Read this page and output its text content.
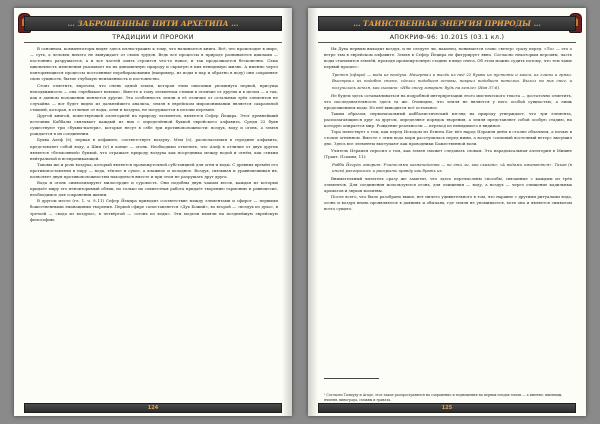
… ЗАБРОШЕННЫЕ НИТИ АРХЕТИПА …
ТРАДИЦИИ И ПРОРОКИ

В основном, комментаторы видят здесь иллюстрацию к тому, что начинается книга. Всё, что происходит в мире, — суть, а человек ничего не вынуждает от своих трудов. Ведь все процессы в природе развиваются циклами — постоянно разрушается, а и все частей опять строится что-то новое, и так продолжается бесконечно. Сама цикличность изменения указывает на их динамичную природу и скрытую в них невидимую жизнь. А именно через повторяющиеся процессы постоянные перебираковании (например, из воды в пар и обратно в воду) они сохраняют свою сущность, бытие глубокую неизменность и постоянство.

Стоит отметить, впрочем, что очень одной земли, которая этим описании упоминута первой, присуща неподвижность — она «пребывает вовеки». Вместе к тому элементам стихии в отличие от других и в целом — а так, как в данном положении меняется другие. Эта особенность земли и её отличие от остальных трёх элементов не случайна — вот будет видно из дальнейшего анализа, земля в еврейском миропонимании является сакральной стихией, которая, в отличие от воды, огня и воздуха, не погружается в потоки перемен.

Другой книгой, повествующей аллегорией на природу элементов, является Сефер Йецира. Этот древнейший источник Каббалы связывает каждый из них с определённой буквой еврейского алфавита. Среди 22 букв существуют три «буквы-матери», которые несут в себе три противоположности: воздух, воду и огонь, а земля рождается в их соединении.

Буква Алеф (א), первая в алфавите, соответствует воздуху. Мем (מ), располагаемая в середине алфавита, представляет собой воду, а Шин (ש) в конце — огонь. Необходимо отметить, что Алеф в отличие от двух других является «безмолвной» буквой, что отражает природу воздуха как посредника между водой и огнём, как стихии нейтральной и всепроникающей.

Таковы же и роль воздуха, который является промежуточной субстанцией для огня и воды. С древних времён его противопоставляли в пару — вода, тёплое и сухое, а влажное и холодное. Воздух, связывая и уравновешивая их, позволяет двум противоположностям находиться вместе и при этом не разрушать друг друга.

Вода и огонь символизируют милосердие и суровость. Они подобны двум чашам весов, каждая из которых придаёт миру его неповторимый облик, но только их совместная работа придаёт творению гармонию и равновесие, необходимое для сохранения жизни.

В другом месте (гл. 1, ч. 9–11) Сефер Йецира приводит соответствие между элементами и сфирот — первыми божественными эманациями творения. Первой сфире сопоставляется «Дух Божий», во второй — «воздух из духа», в третьей — «вода из воздуха», в четвёртой — «огонь из воды». Эти модели влияли на позднейшую еврейскую философию.

124
… ТАИНСТВЕННАЯ ЭНЕРГИЯ ПРИРОДЫ …
АПОКРИФ-96: 10.2015 (03.1 кл.)

Их Духа первым выходит воздух, и не следует ли, наконец, понимается слово «ветер» сразу перед. «Ло» — это о ветре тхм в еврейском алфавите. Земля в Сефер Йецира не фигурирует явно. Согласно некоторым версиям, часть воды становится землёй, проходя промежуточную стадию в виде снега. Об этом можно судить потому, что тем чаще первый процесс:

Третья (сфира) — вода из воздуха. Начертал и высёк из неё 22 буквы из пустоты и хаоса, из глины и грязи. Выстроил их подобно стене, сделал подобием основы, покрыл подобием потолка. Вылил на них снег, и получилась земля, как сказано: «Ибо снегу говорит: будь на земле» (Иов 37:6).

Не будем здесь останавливаться на подробной интерпретации этого мистического текста — достаточно отметить, что последовательность здесь та же. Очевидно, что земля не является у него особой сущностью, а лишь продолжением воды. Из неё выводится всё остальное.

Таким образом, первоначальный каббалистический взгляд на природу утверждает, что три элемента, располагающиеся друг за другом, определяют порядок творения, а земля представляет собой особую стадию, на которую опирается мир. Рождение реальности — переход из невидимого в видимое.

Тора повествует о том, как перед Исходом из Египта Бог вёл народ Израиля днём в столпе облачном, а ночью в столпе огненном. Вместе с этим вода моря расступилась перед ними, а воздух «сильный восточный ветер» высушил дно. Здесь все элементы выступают как проводники Божественной воли.

Учитель Израиля спросил о том, как земля сможет следовать словам. Эта парадоксальная аллегория в Мишне (Тракт. Псахим, 11):

Рабби Йегуда говорит: Учителями казначейства — не эти ли, как сказано: «А водами омываются». Таков (в ином) разгорались и раскрыть правду как брать их.

Внимательный читатель сразу же заметит, что здесь перечислены способы, связанные с каждым из трёх элементов. Для соединения используются огонь, для очищения — воду, а воздух — через очищение кадильных ароматов и звуков молитвы.

После всего, что было разобрано выше, нет ничего удивительного в том, что наравне с другими ритуалами вода, огонь и воздух вновь проявляются в даяниях и обычаях, где земля не упоминается, хотя она и является символом всего сущего.

¹ Согласно Талмуду и Агаде, этот закон распространялся на сохранение и подношения на первых плодах земли — а именно: пшеницы, ячменя, винограда, смоквы и граната.
125
